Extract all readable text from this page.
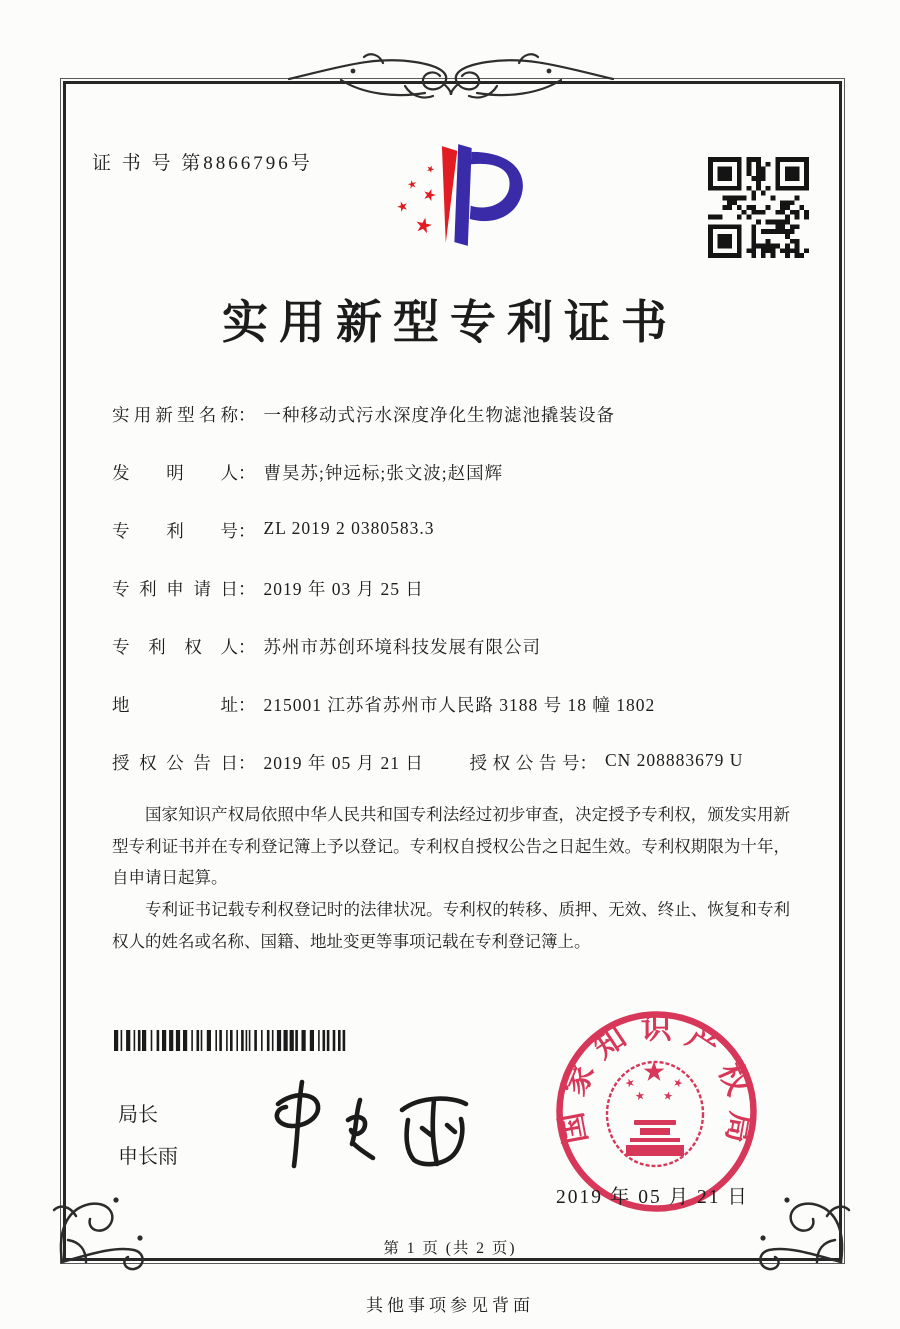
证 书 号 第8866796号
实用新型专利证书
实用新型名称 ： 一种移动式污水深度净化生物滤池撬装设备
发明人 ： 曹昊苏;钟远标;张文波;赵国辉
专利号 ： ZL 2019 2 0380583.3
专利申请日 ： 2019 年 03 月 25 日
专利权人 ： 苏州市苏创环境科技发展有限公司
地址 ： 215001 江苏省苏州市人民路 3188 号 18 幢 1802
授权公告日 ： 2019 年 05 月 21 日	授权公告号 ： CN 208883679 U

国家知识产权局依照中华人民共和国专利法经过初步审查，决定授予专利权，颁发实用新型专利证书并在专利登记簿上予以登记。专利权自授权公告之日起生效。专利权期限为十年，自申请日起算。

专利证书记载专利权登记时的法律状况。专利权的转移、质押、无效、终止、恢复和专利权人的姓名或名称、国籍、地址变更等事项记载在专利登记簿上。

局长
申长雨
国家知识产权局
2019 年 05 月 21 日
第 1 页 (共 2 页)
其他事项参见背面
